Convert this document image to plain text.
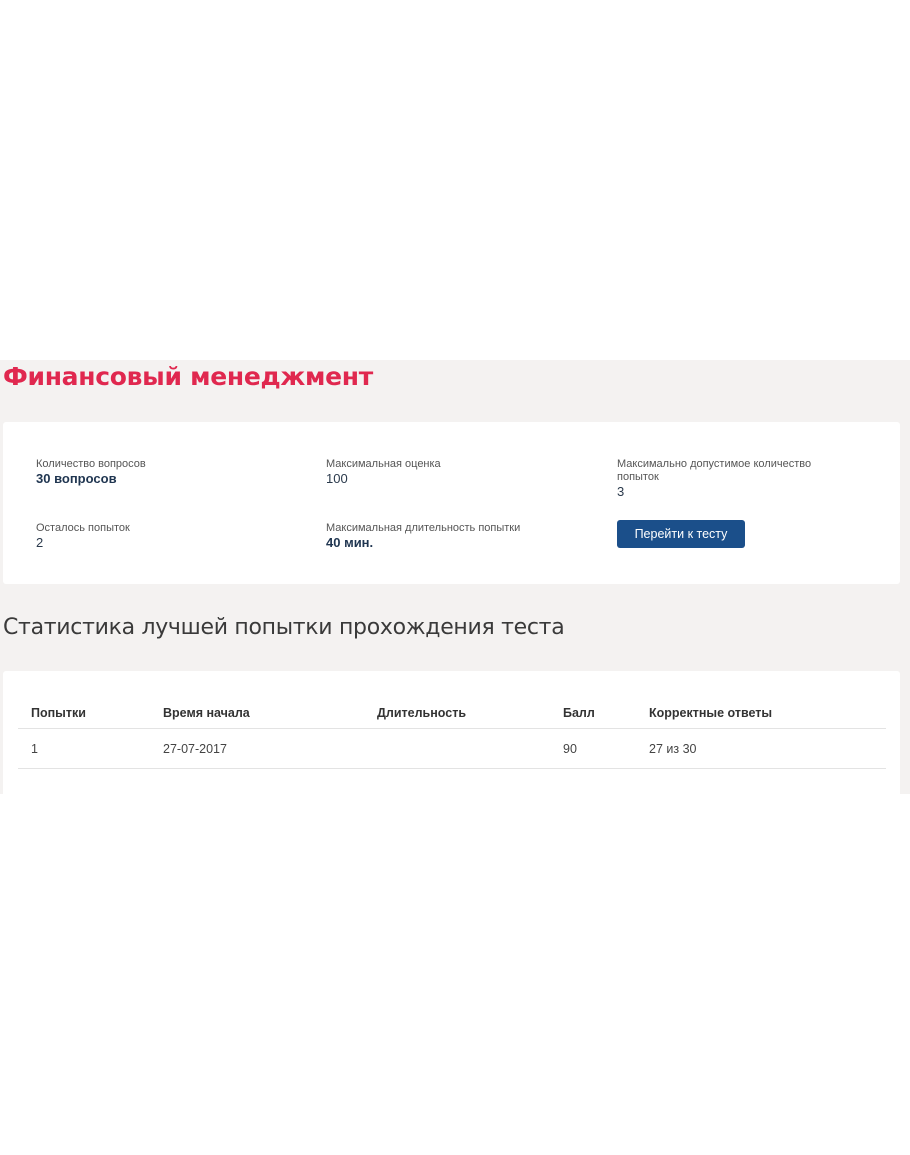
Финансовый менеджмент
Количество вопросов
30 вопросов
Максимальная оценка
100
Максимально допустимое количество попыток
3
Осталось попыток
2
Максимальная длительность попытки
40 мин.
Перейти к тесту
Статистика лучшей попытки прохождения теста
Попытки	Время начала	Длительность	Балл	Корректные ответы
1	27-07-2017		90	27 из 30
